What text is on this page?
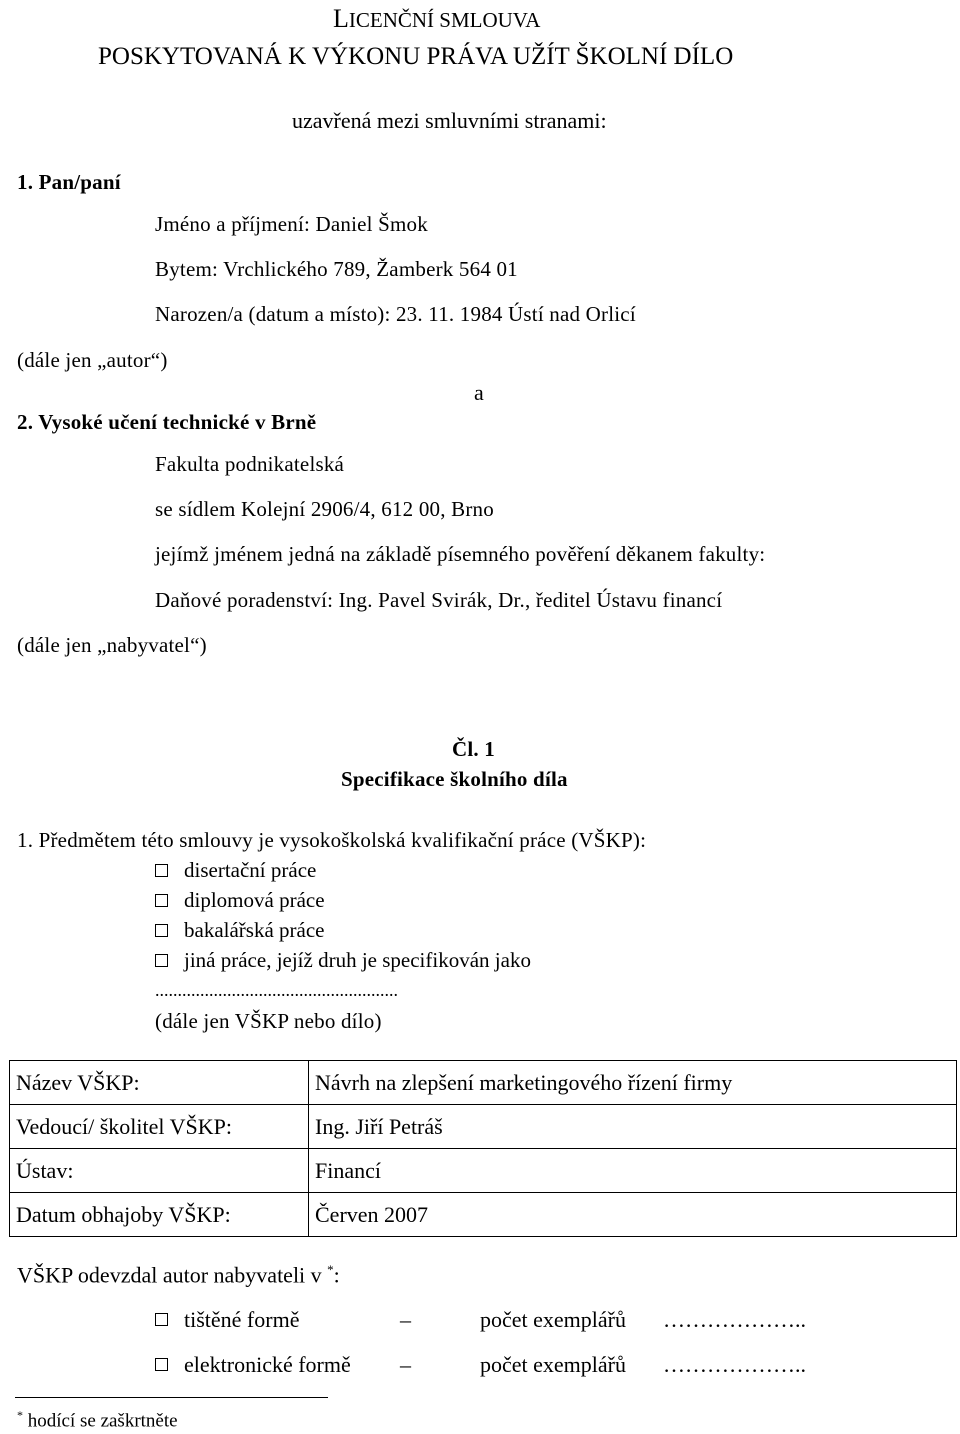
LICENČNÍ SMLOUVA
POSKYTOVANÁ K VÝKONU PRÁVA UŽÍT ŠKOLNÍ DÍLO
uzavřená mezi smluvními stranami:
1. Pan/paní
Jméno a příjmení: Daniel Šmok
Bytem: Vrchlického 789, Žamberk 564 01
Narozen/a (datum a místo): 23. 11. 1984 Ústí nad Orlicí
(dále jen „autor“)
a
2. Vysoké učení technické v Brně
Fakulta podnikatelská
se sídlem Kolejní 2906/4, 612 00, Brno
jejímž jménem jedná na základě písemného pověření děkanem fakulty:
Daňové poradenství: Ing. Pavel Svirák, Dr., ředitel Ústavu financí
(dále jen „nabyvatel“)
Čl. 1
Specifikace školního díla
1. Předmětem této smlouvy je vysokoškolská kvalifikační práce (VŠKP):
disertační práce
diplomová práce
bakalářská práce
jiná práce, jejíž druh je specifikován jako
......................................................
(dále jen VŠKP nebo dílo)
Název VŠKP:	Návrh na zlepšení marketingového řízení firmy
Vedoucí/ školitel VŠKP:	Ing. Jiří Petráš
Ústav:	Financí
Datum obhajoby VŠKP:	Červen 2007
VŠKP odevzdal autor nabyvateli v *:
tištěné formě	–	počet exemplářů ………………..
elektronické formě –	počet exemplářů ………………..
* hodící se zaškrtněte
